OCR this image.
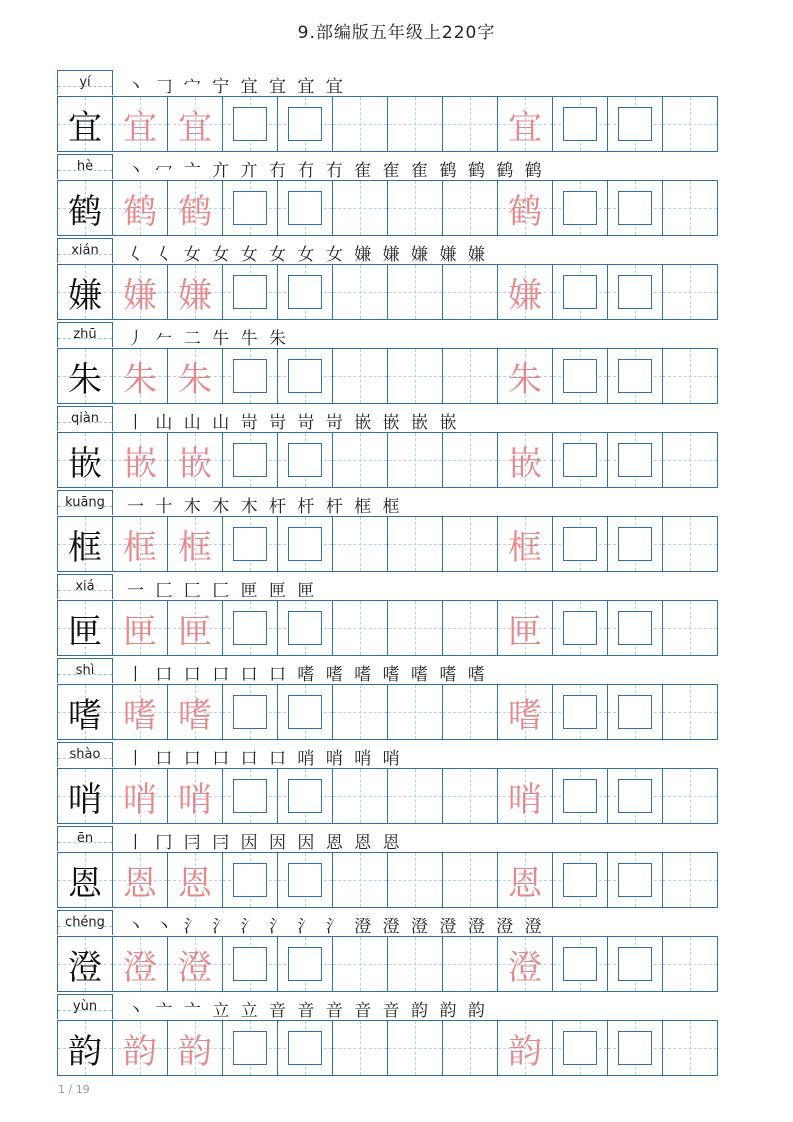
9.部编版五年级上220字
yí	丶 𠃌 宀 宁 宜 宜 宜 宜
宜 宜 宜	宜
hè	丶 冖 亠 亣 亣 冇 冇 冇 隺 隺 隺 鹤 鹤 鹤 鹤
鹤 鹤 鹤	鹤
xián	𡿨 𡿨 女 女 女 女 女 女 嫌 嫌 嫌 嫌 嫌
嫌 嫌 嫌	嫌
zhū	丿 𠂉 二 牛 牛 朱
朱 朱 朱	朱
qiàn	丨 山 山 山 岢 岢 岢 岢 嵌 嵌 嵌 嵌
嵌 嵌 嵌	嵌
kuāng	一 十 木 木 木 杆 杆 杆 框 框
框 框 框	框
xiá	一 匚 匚 匚 匣 匣 匣
匣 匣 匣	匣
shì	丨 口 口 口 口 口 嗜 嗜 嗜 嗜 嗜 嗜 嗜
嗜 嗜 嗜	嗜
shào	丨 口 口 口 口 口 哨 哨 哨 哨
哨 哨 哨	哨
ēn	丨 冂 冃 冃 因 因 因 恩 恩 恩
恩 恩 恩	恩
chéng	丶 丶 氵 氵 氵 氵 氵 氵 澄 澄 澄 澄 澄 澄 澄
澄 澄 澄	澄
yùn	丶 亠 亠 立 立 音 音 音 音 音 韵 韵 韵
韵 韵 韵	韵
1 / 19
